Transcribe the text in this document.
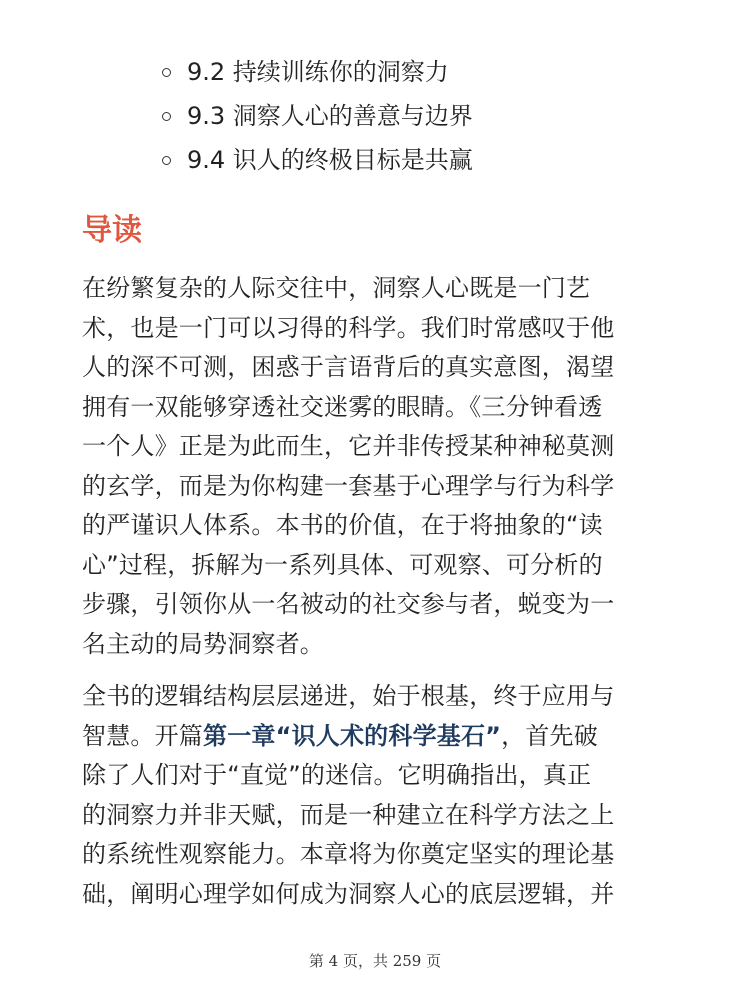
9.2 持续训练你的洞察力
9.3 洞察人心的善意与边界
9.4 识人的终极目标是共赢
导读

在纷繁复杂的人际交往中，洞察人心既是一门艺
术，也是一门可以习得的科学。我们时常感叹于他
人的深不可测，困惑于言语背后的真实意图，渴望
拥有一双能够穿透社交迷雾的眼睛。《三分钟看透
一个人》正是为此而生，它并非传授某种神秘莫测
的玄学，而是为你构建一套基于心理学与行为科学
的严谨识人体系。本书的价值，在于将抽象的“读
心”过程，拆解为一系列具体、可观察、可分析的
步骤，引领你从一名被动的社交参与者，蜕变为一
名主动的局势洞察者。

全书的逻辑结构层层递进，始于根基，终于应用与
智慧。开篇第一章“识人术的科学基石”，首先破
除了人们对于“直觉”的迷信。它明确指出，真正
的洞察力并非天赋，而是一种建立在科学方法之上
的系统性观察能力。本章将为你奠定坚实的理论基
础，阐明心理学如何成为洞察人心的底层逻辑，并

第 4 页，共 259 页
